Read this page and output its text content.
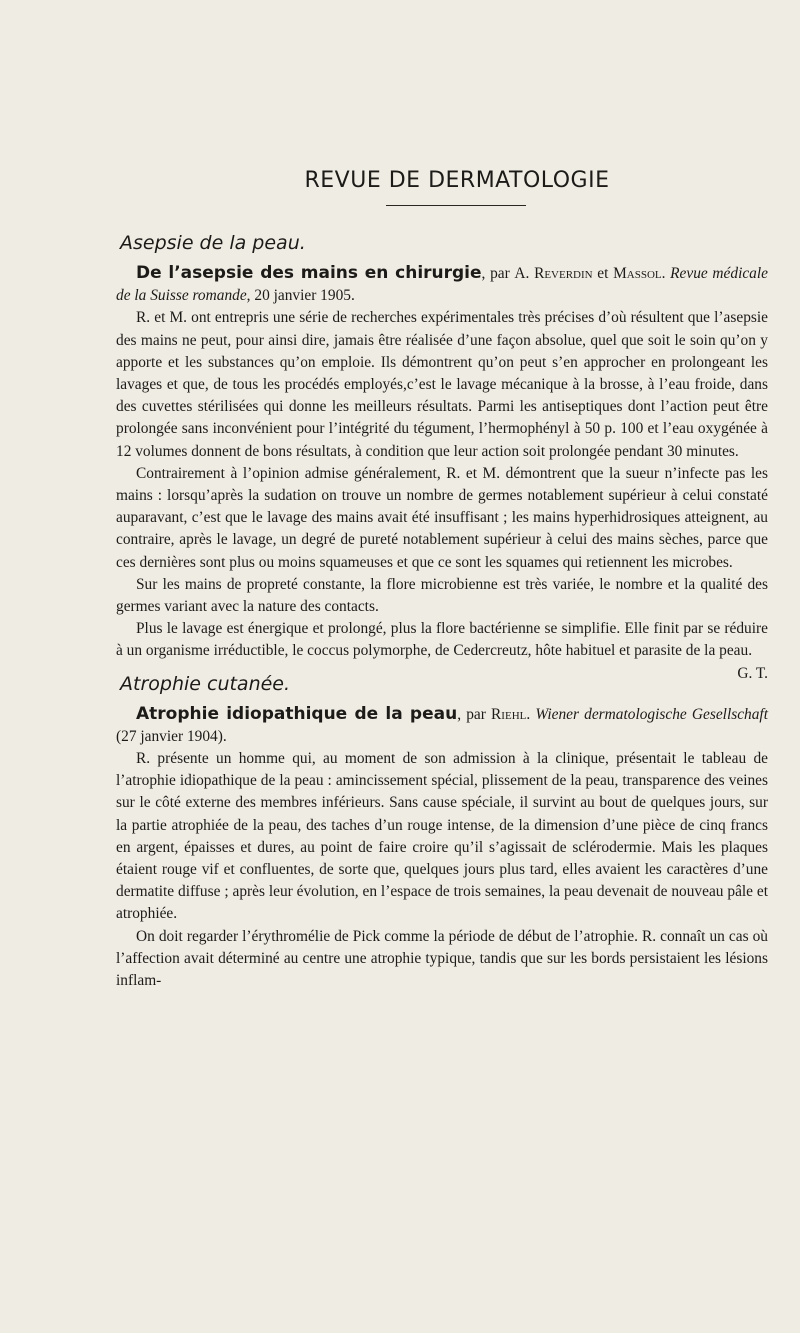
REVUE DE DERMATOLOGIE
Asepsie de la peau.

De l’asepsie des mains en chirurgie, par A. Reverdin et Massol. Revue médicale de la Suisse romande, 20 janvier 1905.

R. et M. ont entrepris une série de recherches expérimentales très précises d’où résultent que l’asepsie des mains ne peut, pour ainsi dire, jamais être réalisée d’une façon absolue, quel que soit le soin qu’on y apporte et les substances qu’on emploie. Ils démontrent qu’on peut s’en approcher en prolongeant les lavages et que, de tous les procédés employés,c’est le lavage mécanique à la brosse, à l’eau froide, dans des cuvettes stérilisées qui donne les meilleurs résultats. Parmi les antiseptiques dont l’action peut être prolongée sans inconvénient pour l’intégrité du tégument, l’hermophényl à 50 p. 100 et l’eau oxygénée à 12 volumes donnent de bons résultats, à condition que leur action soit prolongée pendant 30 minutes.

Contrairement à l’opinion admise généralement, R. et M. démontrent que la sueur n’infecte pas les mains : lorsqu’après la sudation on trouve un nombre de germes notablement supérieur à celui constaté auparavant, c’est que le lavage des mains avait été insuffisant ; les mains hyperhidrosiques atteignent, au contraire, après le lavage, un degré de pureté notablement supérieur à celui des mains sèches, parce que ces dernières sont plus ou moins squameuses et que ce sont les squames qui retiennent les microbes.

Sur les mains de propreté constante, la flore microbienne est très variée, le nombre et la qualité des germes variant avec la nature des contacts.

Plus le lavage est énergique et prolongé, plus la flore bactérienne se simplifie. Elle finit par se réduire à un organisme irréductible, le coccus polymorphe, de Cedercreutz, hôte habituel et parasite de la peau.
G. T.

Atrophie cutanée.

Atrophie idiopathique de la peau, par Riehl. Wiener dermatologische Gesellschaft (27 janvier 1904).

R. présente un homme qui, au moment de son admission à la clinique, présentait le tableau de l’atrophie idiopathique de la peau : amincissement spécial, plissement de la peau, transparence des veines sur le côté externe des membres inférieurs. Sans cause spéciale, il survint au bout de quelques jours, sur la partie atrophiée de la peau, des taches d’un rouge intense, de la dimension d’une pièce de cinq francs en argent, épaisses et dures, au point de faire croire qu’il s’agissait de sclérodermie. Mais les plaques étaient rouge vif et confluentes, de sorte que, quelques jours plus tard, elles avaient les caractères d’une dermatite diffuse ; après leur évolution, en l’espace de trois semaines, la peau devenait de nouveau pâle et atrophiée.

On doit regarder l’érythromélie de Pick comme la période de début de l’atrophie. R. connaît un cas où l’affection avait déterminé au centre une atrophie typique, tandis que sur les bords persistaient les lésions inflam-
